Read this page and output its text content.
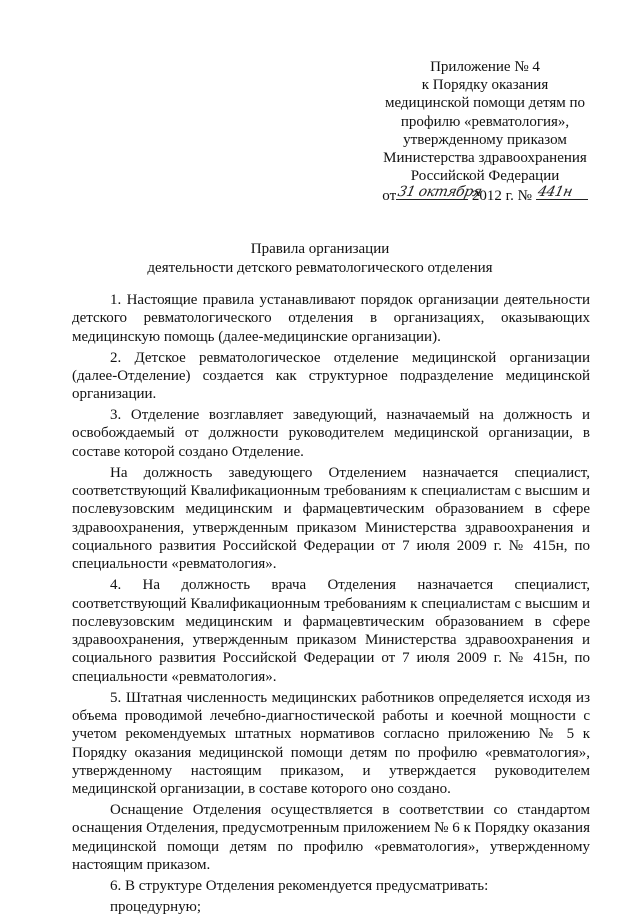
Приложение № 4
к Порядку оказания
медицинской помощи детям по
профилю «ревматология»,
утвержденному приказом
Министерства здравоохранения
Российской Федерации
от 31 октября
2012 г. № 441н
Правила организации
деятельности детского ревматологического отделения

1. Настоящие правила устанавливают порядок организации деятельности детского ревматологического отделения в организациях, оказывающих медицинскую помощь (далее-медицинские организации).

2. Детское ревматологическое отделение медицинской организации (далее-Отделение) создается как структурное подразделение медицинской организации.

3. Отделение возглавляет заведующий, назначаемый на должность и освобождаемый от должности руководителем медицинской организации, в составе которой создано Отделение.

На должность заведующего Отделением назначается специалист, соответствующий Квалификационным требованиям к специалистам с высшим и послевузовским медицинским и фармацевтическим образованием в сфере здравоохранения, утвержденным приказом Министерства здравоохранения и социального развития Российской Федерации от 7 июля 2009 г. № 415н, по специальности «ревматология».

4. На должность врача Отделения назначается специалист, соответствующий Квалификационным требованиям к специалистам с высшим и послевузовским медицинским и фармацевтическим образованием в сфере здравоохранения, утвержденным приказом Министерства здравоохранения и социального развития Российской Федерации от 7 июля 2009 г. № 415н, по специальности «ревматология».

5. Штатная численность медицинских работников определяется исходя из объема проводимой лечебно-диагностической работы и коечной мощности с учетом рекомендуемых штатных нормативов согласно приложению № 5 к Порядку оказания медицинской помощи детям по профилю «ревматология», утвержденному настоящим приказом, и утверждается руководителем медицинской организации, в составе которого оно создано.

Оснащение Отделения осуществляется в соответствии со стандартом оснащения Отделения, предусмотренным приложением № 6 к Порядку оказания медицинской помощи детям по профилю «ревматология», утвержденному настоящим приказом.

6. В структуре Отделения рекомендуется предусматривать:

процедурную;
